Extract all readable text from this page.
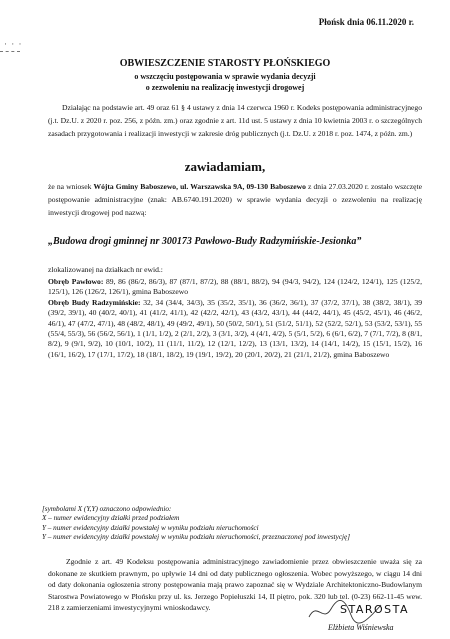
Płońsk dnia 06.11.2020 r.
· · ·
OBWIESZCZENIE STAROSTY PŁOŃSKIEGO
o wszczęciu postępowania w sprawie wydania decyzji
o zezwoleniu na realizację inwestycji drogowej
Działając na podstawie art. 49 oraz 61 § 4 ustawy z dnia 14 czerwca 1960 r. Kodeks postępowania administracyjnego (j.t. Dz.U. z 2020 r. poz. 256, z późn. zm.) oraz zgodnie z art. 11d ust. 5 ustawy z dnia 10 kwietnia 2003 r. o szczególnych zasadach przygotowania i realizacji inwestycji w zakresie dróg publicznych (j.t. Dz.U. z 2018 r. poz. 1474, z późn. zm.)
zawiadamiam,
że na wniosek Wójta Gminy Baboszewo, ul. Warszawska 9A, 09-130 Baboszewo z dnia 27.03.2020 r. zostało wszczęte postępowanie administracyjne (znak: AB.6740.191.2020) w sprawie wydania decyzji o zezwoleniu na realizację inwestycji drogowej pod nazwą:
„Budowa drogi gminnej nr 300173 Pawłowo-Budy Radzymińskie-Jesionka”
zlokalizowanej na działkach nr ewid.:
Obręb Pawłowo: 89, 86 (86/2, 86/3), 87 (87/1, 87/2), 88 (88/1, 88/2), 94 (94/3, 94/2), 124 (124/2, 124/1), 125 (125/2, 125/1), 126 (126/2, 126/1), gmina Baboszewo
Obręb Budy Radzymińskie: 32, 34 (34/4, 34/3), 35 (35/2, 35/1), 36 (36/2, 36/1), 37 (37/2, 37/1), 38 (38/2, 38/1), 39 (39/2, 39/1), 40 (40/2, 40/1), 41 (41/2, 41/1), 42 (42/2, 42/1), 43 (43/2, 43/1), 44 (44/2, 44/1), 45 (45/2, 45/1), 46 (46/2, 46/1), 47 (47/2, 47/1), 48 (48/2, 48/1), 49 (49/2, 49/1), 50 (50/2, 50/1), 51 (51/2, 51/1), 52 (52/2, 52/1), 53 (53/2, 53/1), 55 (55/4, 55/3), 56 (56/2, 56/1), 1 (1/1, 1/2), 2 (2/1, 2/2), 3 (3/1, 3/2), 4 (4/1, 4/2), 5 (5/1, 5/2), 6 (6/1, 6/2), 7 (7/1, 7/2), 8 (8/1, 8/2), 9 (9/1, 9/2), 10 (10/1, 10/2), 11 (11/1, 11/2), 12 (12/1, 12/2), 13 (13/1, 13/2), 14 (14/1, 14/2), 15 (15/1, 15/2), 16 (16/1, 16/2), 17 (17/1, 17/2), 18 (18/1, 18/2), 19 (19/1, 19/2), 20 (20/1, 20/2), 21 (21/1, 21/2), gmina Baboszewo
[symbolami X (Y,Y) oznaczono odpowiednio:
X – numer ewidencyjny działki przed podziałem
Y – numer ewidencyjny działki powstałej w wyniku podziału nieruchomości
Y – numer ewidencyjny działki powstałej w wyniku podziału nieruchomości, przeznaczonej pod inwestycję]
Zgodnie z art. 49 Kodeksu postępowania administracyjnego zawiadomienie przez obwieszczenie uważa się za dokonane ze skutkiem prawnym, po upływie 14 dni od daty publicznego ogłoszenia. Wobec powyższego, w ciągu 14 dni od daty dokonania ogłoszenia strony postępowania mają prawo zapoznać się w Wydziale Architektoniczno-Budowlanym Starostwa Powiatowego w Płońsku przy ul. ks. Jerzego Popiełuszki 14, II piętro, pok. 320 lub tel. (0-23) 662-11-45 wew. 218 z zamierzeniami inwestycyjnymi wnioskodawcy.	STAROSTA
Elżbieta Wiśniewska
